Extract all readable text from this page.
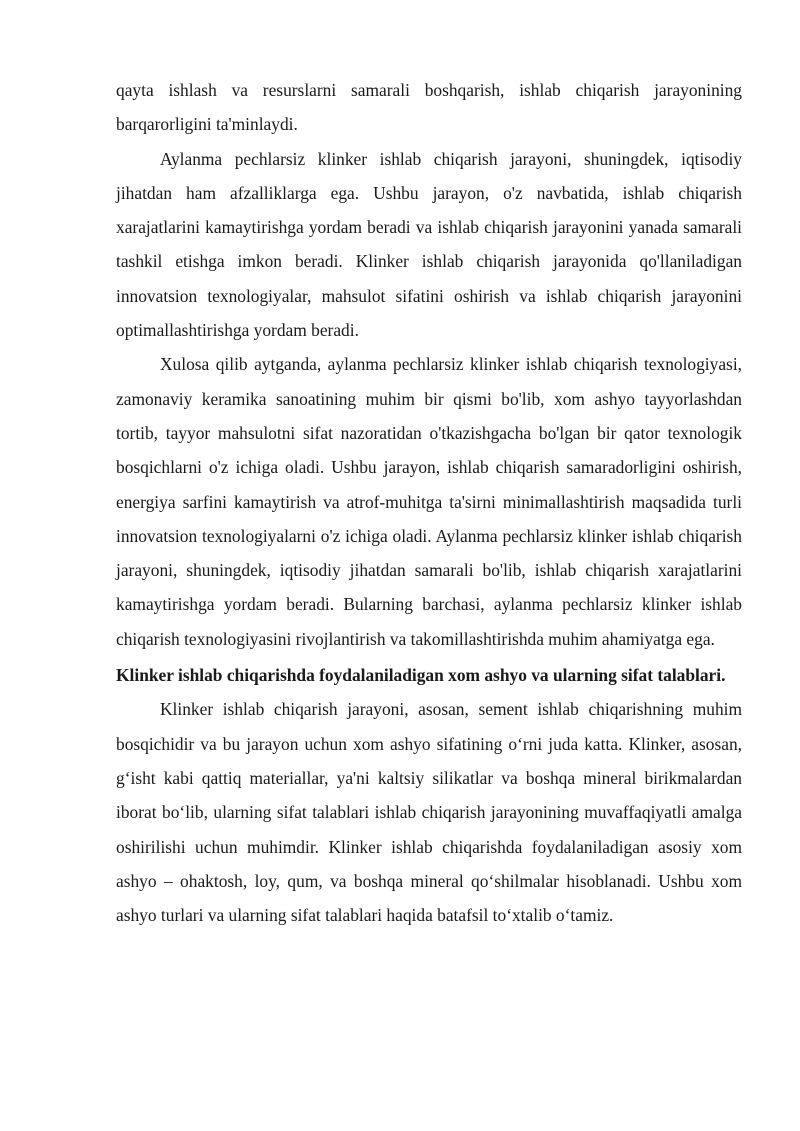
qayta ishlash va resurslarni samarali boshqarish, ishlab chiqarish jarayonining barqarorligini ta'minlaydi.

Aylanma pechlarsiz klinker ishlab chiqarish jarayoni, shuningdek, iqtisodiy jihatdan ham afzalliklarga ega. Ushbu jarayon, o'z navbatida, ishlab chiqarish xarajatlarini kamaytirishga yordam beradi va ishlab chiqarish jarayonini yanada samarali tashkil etishga imkon beradi. Klinker ishlab chiqarish jarayonida qo'llaniladigan innovatsion texnologiyalar, mahsulot sifatini oshirish va ishlab chiqarish jarayonini optimallashtirishga yordam beradi.

Xulosa qilib aytganda, aylanma pechlarsiz klinker ishlab chiqarish texnologiyasi, zamonaviy keramika sanoatining muhim bir qismi bo'lib, xom ashyo tayyorlashdan tortib, tayyor mahsulotni sifat nazoratidan o'tkazishgacha bo'lgan bir qator texnologik bosqichlarni o'z ichiga oladi. Ushbu jarayon, ishlab chiqarish samaradorligini oshirish, energiya sarfini kamaytirish va atrof-muhitga ta'sirni minimallashtirish maqsadida turli innovatsion texnologiyalarni o'z ichiga oladi. Aylanma pechlarsiz klinker ishlab chiqarish jarayoni, shuningdek, iqtisodiy jihatdan samarali bo'lib, ishlab chiqarish xarajatlarini kamaytirishga yordam beradi. Bularning barchasi, aylanma pechlarsiz klinker ishlab chiqarish texnologiyasini rivojlantirish va takomillashtirishda muhim ahamiyatga ega.

Klinker ishlab chiqarishda foydalaniladigan xom ashyo va ularning sifat talablari.

Klinker ishlab chiqarish jarayoni, asosan, sement ishlab chiqarishning muhim bosqichidir va bu jarayon uchun xom ashyo sifatining o‘rni juda katta. Klinker, asosan, g‘isht kabi qattiq materiallar, ya'ni kaltsiy silikatlar va boshqa mineral birikmalardan iborat bo‘lib, ularning sifat talablari ishlab chiqarish jarayonining muvaffaqiyatli amalga oshirilishi uchun muhimdir. Klinker ishlab chiqarishda foydalaniladigan asosiy xom ashyo – ohaktosh, loy, qum, va boshqa mineral qo‘shilmalar hisoblanadi. Ushbu xom ashyo turlari va ularning sifat talablari haqida batafsil to‘xtalib o‘tamiz.
